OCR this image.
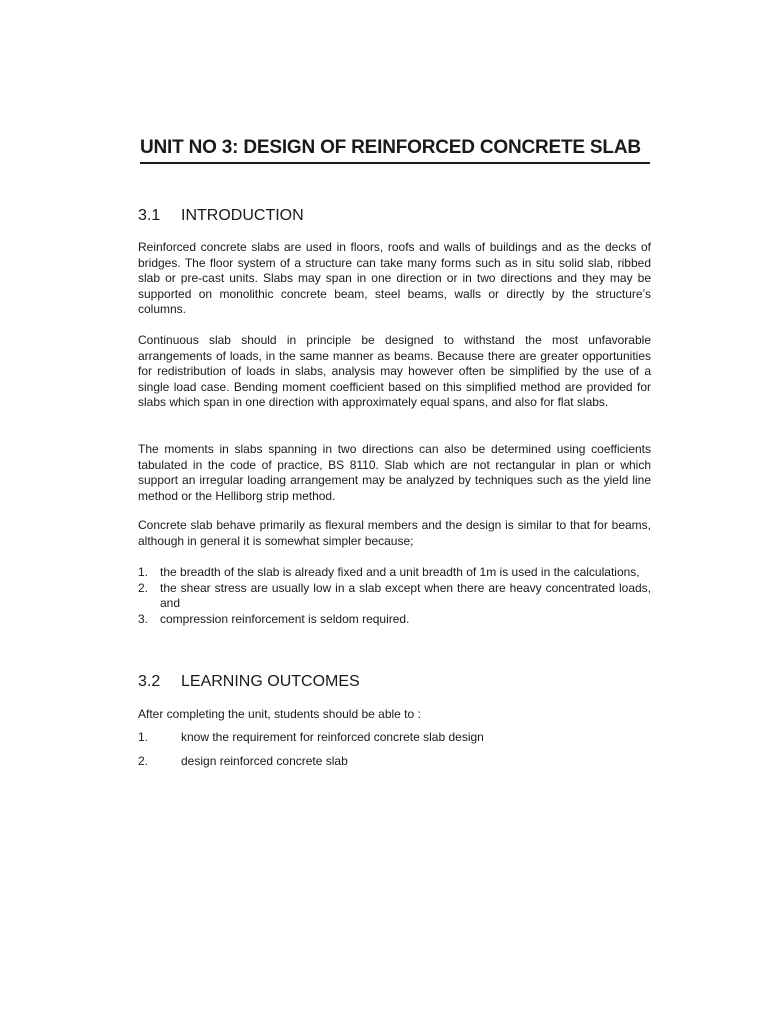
UNIT NO 3: DESIGN OF REINFORCED CONCRETE SLAB
3.1 INTRODUCTION

Reinforced concrete slabs are used in floors, roofs and walls of buildings and as the decks of bridges. The floor system of a structure can take many forms such as in situ solid slab, ribbed slab or pre-cast units. Slabs may span in one direction or in two directions and they may be supported on monolithic concrete beam, steel beams, walls or directly by the structure’s columns.

Continuous slab should in principle be designed to withstand the most unfavorable arrangements of loads, in the same manner as beams. Because there are greater opportunities for redistribution of loads in slabs, analysis may however often be simplified by the use of a single load case. Bending moment coefficient based on this simplified method are provided for slabs which span in one direction with approximately equal spans, and also for flat slabs.

The moments in slabs spanning in two directions can also be determined using coefficients tabulated in the code of practice, BS 8110. Slab which are not rectangular in plan or which support an irregular loading arrangement may be analyzed by techniques such as the yield line method or the Helliborg strip method.

Concrete slab behave primarily as flexural members and the design is similar to that for beams, although in general it is somewhat simpler because;

1. the breadth of the slab is already fixed and a unit breadth of 1m is used in the calculations,
2. the shear stress are usually low in a slab except when there are heavy concentrated loads, and
3. compression reinforcement is seldom required.
3.2 LEARNING OUTCOMES

After completing the unit, students should be able to :

1.	know the requirement for reinforced concrete slab design
2.	design reinforced concrete slab
